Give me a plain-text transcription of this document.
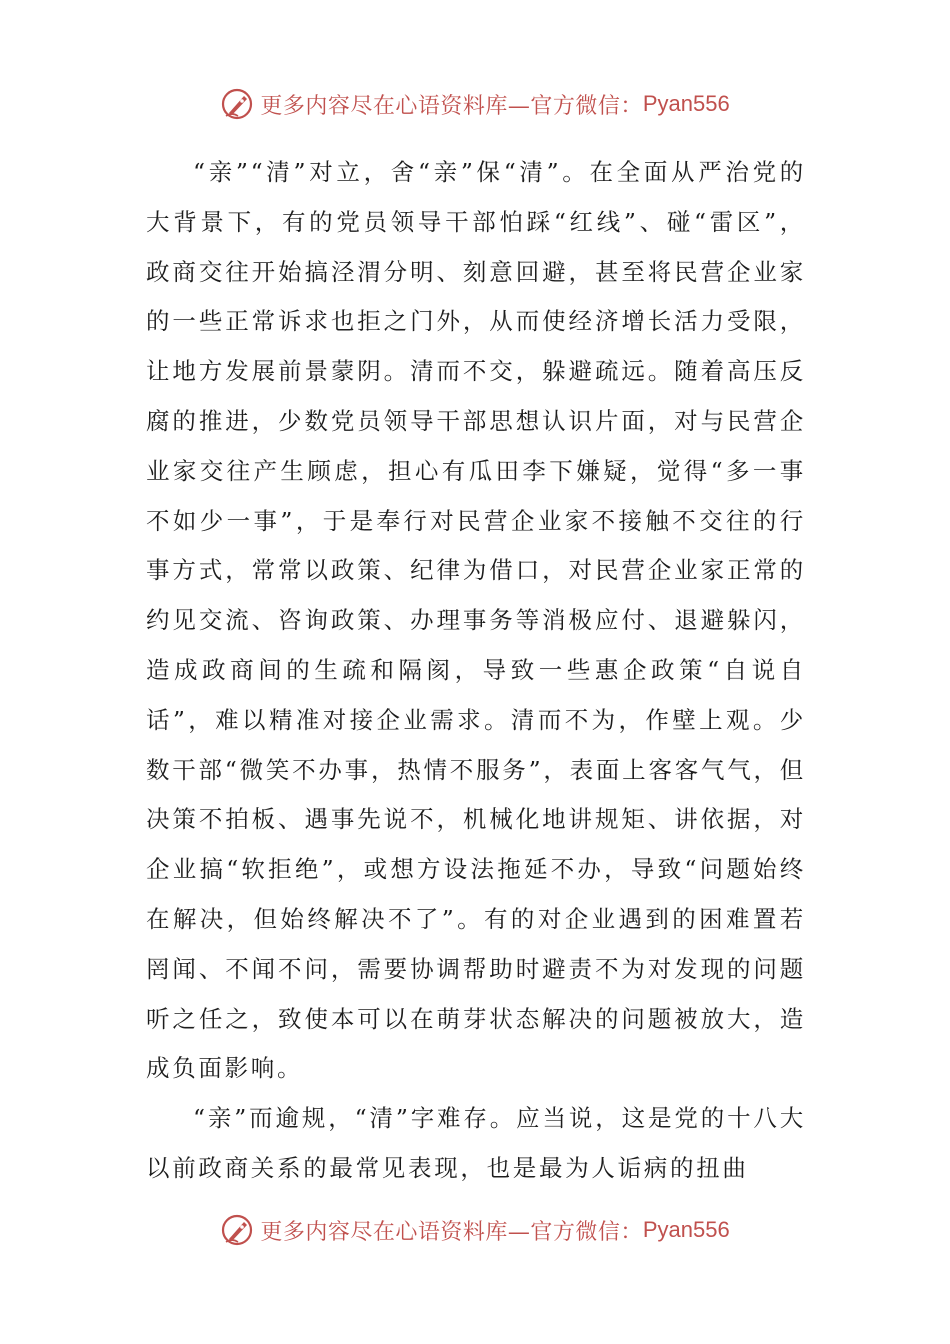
更多内容尽在心语资料库—官方微信： Pyan556

“亲”“清”对立，舍“亲”保“清”。在全面从严治党的大背景下，有的党员领导干部怕踩“红线”、碰“雷区”，政商交往开始搞泾渭分明、刻意回避，甚至将民营企业家的一些正常诉求也拒之门外，从而使经济增长活力受限，让地方发展前景蒙阴。清而不交，躲避疏远。随着高压反腐的推进，少数党员领导干部思想认识片面，对与民营企业家交往产生顾虑，担心有瓜田李下嫌疑，觉得“多一事不如少一事”，于是奉行对民营企业家不接触不交往的行事方式，常常以政策、纪律为借口，对民营企业家正常的约见交流、咨询政策、办理事务等消极应付、退避躲闪，造成政商间的生疏和隔阂，导致一些惠企政策“自说自话”，难以精准对接企业需求。清而不为，作壁上观。少数干部“微笑不办事，热情不服务”，表面上客客气气，但决策不拍板、遇事先说不，机械化地讲规矩、讲依据，对企业搞“软拒绝”，或想方设法拖延不办，导致“问题始终在解决，但始终解决不了”。有的对企业遇到的困难置若罔闻、不闻不问，需要协调帮助时避责不为对发现的问题听之任之，致使本可以在萌芽状态解决的问题被放大，造成负面影响。

“亲”而逾规，“清”字难存。应当说，这是党的十八大以前政商关系的最常见表现，也是最为人诟病的扭曲

更多内容尽在心语资料库—官方微信： Pyan556
